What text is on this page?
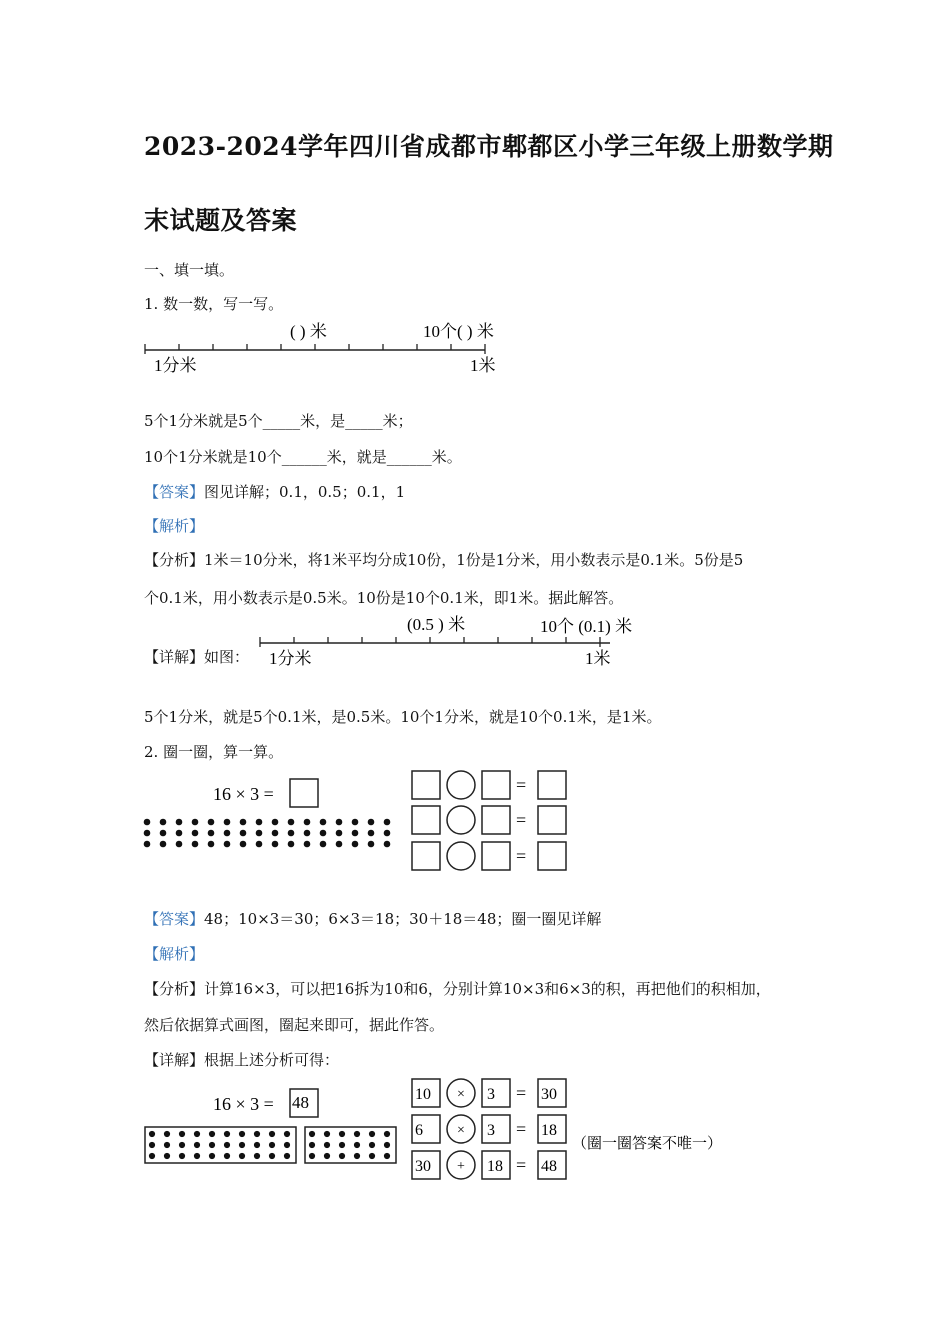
2023-2024学年四川省成都市郫都区小学三年级上册数学期
末试题及答案
一、填一填。
1. 数一数，写一写。
( ) 米	10个( ) 米
1分米	1米
5个1分米就是5个_____米，是_____米；
10个1分米就是10个______米，就是______米。
【答案】图见详解；0.1，0.5；0.1，1
【解析】
【分析】1米＝10分米，将1米平均分成10份，1份是1分米，用小数表示是0.1米。5份是5
个0.1米，用小数表示是0.5米。10份是10个0.1米，即1米。据此解答。
【详解】如图：
(0.5 ) 米	10个 (0.1) 米
1分米	1米
5个1分米，就是5个0.1米，是0.5米。10个1分米，就是10个0.1米，是1米。
2. 圈一圈，算一算。
16 × 3 =	=
=
=
【答案】48；10×3＝30；6×3＝18；30＋18＝48；圈一圈见详解
【解析】
【分析】计算16×3，可以把16拆为10和6，分别计算10×3和6×3的积，再把他们的积相加，
然后依据算式画图，圈起来即可，据此作答。
【详解】根据上述分析可得：
16 × 3 = 48	=
10 × 3	30
=
6 × 3	18
=
30 + 18 48
（圈一圈答案不唯一）
